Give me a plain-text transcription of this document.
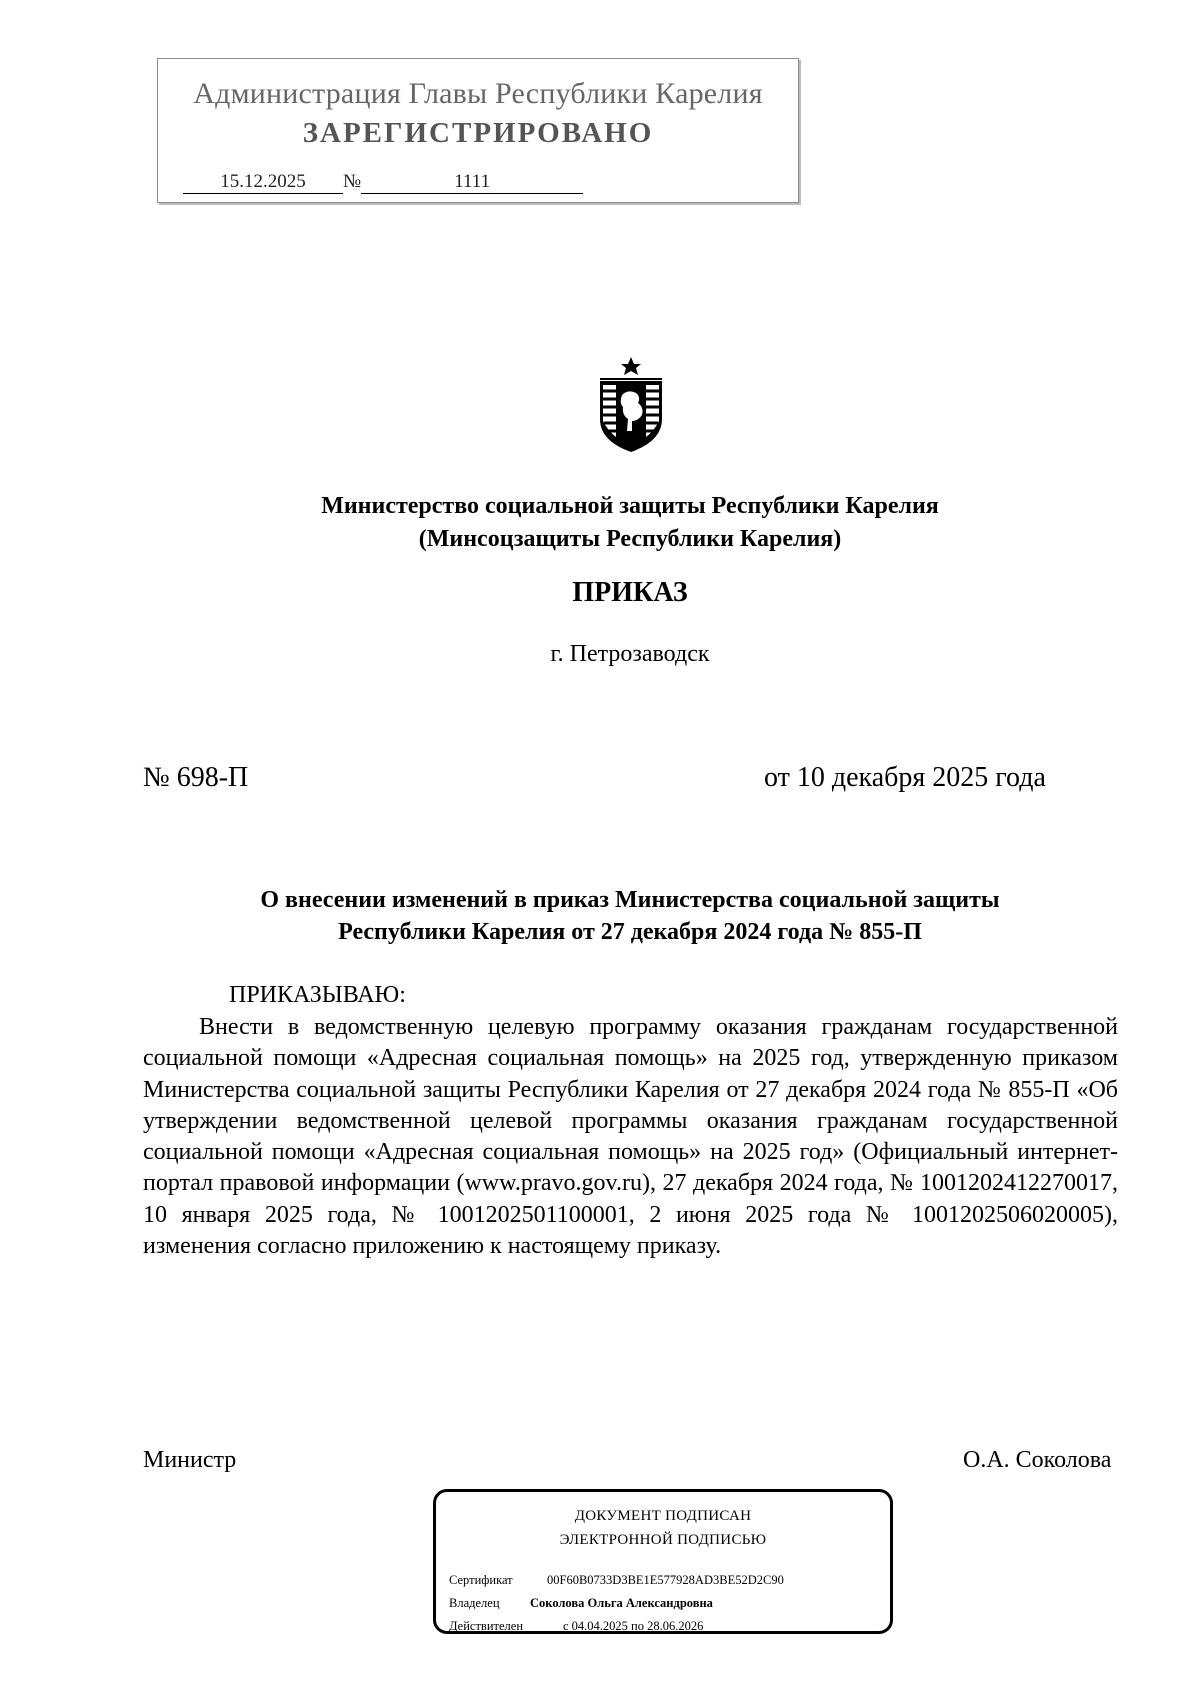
Администрация Главы Республики Карелия
ЗАРЕГИСТРИРОВАНО
15.12.2025 №	1111
Министерство социальной защиты Республики Карелия
(Минсоцзащиты Республики Карелия)
ПРИКАЗ
г. Петрозаводск
№ 698-П	от 10 декабря 2025 года
О внесении изменений в приказ Министерства социальной защиты
Республики Карелия от 27 декабря 2024 года № 855-П
ПРИКАЗЫВАЮ:
Внести в ведомственную целевую программу оказания гражданам государственной социальной помощи «Адресная социальная помощь» на 2025 год, утвержденную приказом Министерства социальной защиты Республики Карелия от 27 декабря 2024 года № 855-П «Об утверждении ведомственной целевой программы оказания гражданам государственной социальной помощи «Адресная социальная помощь» на 2025 год» (Официальный интернет-портал правовой информации (www.pravo.gov.ru), 27 декабря 2024 года, № 1001202412270017, 10 января 2025 года, № 1001202501100001, 2 июня 2025 года № 1001202506020005), изменения согласно приложению к настоящему приказу.
Министр	О.А. Соколова
ДОКУМЕНТ ПОДПИСАН
ЭЛЕКТРОННОЙ ПОДПИСЬЮ
Сертификат	00F60B0733D3BE1E577928AD3BE52D2C90
Владелец Соколова Ольга Александровна
Действителен	с 04.04.2025 по 28.06.2026
